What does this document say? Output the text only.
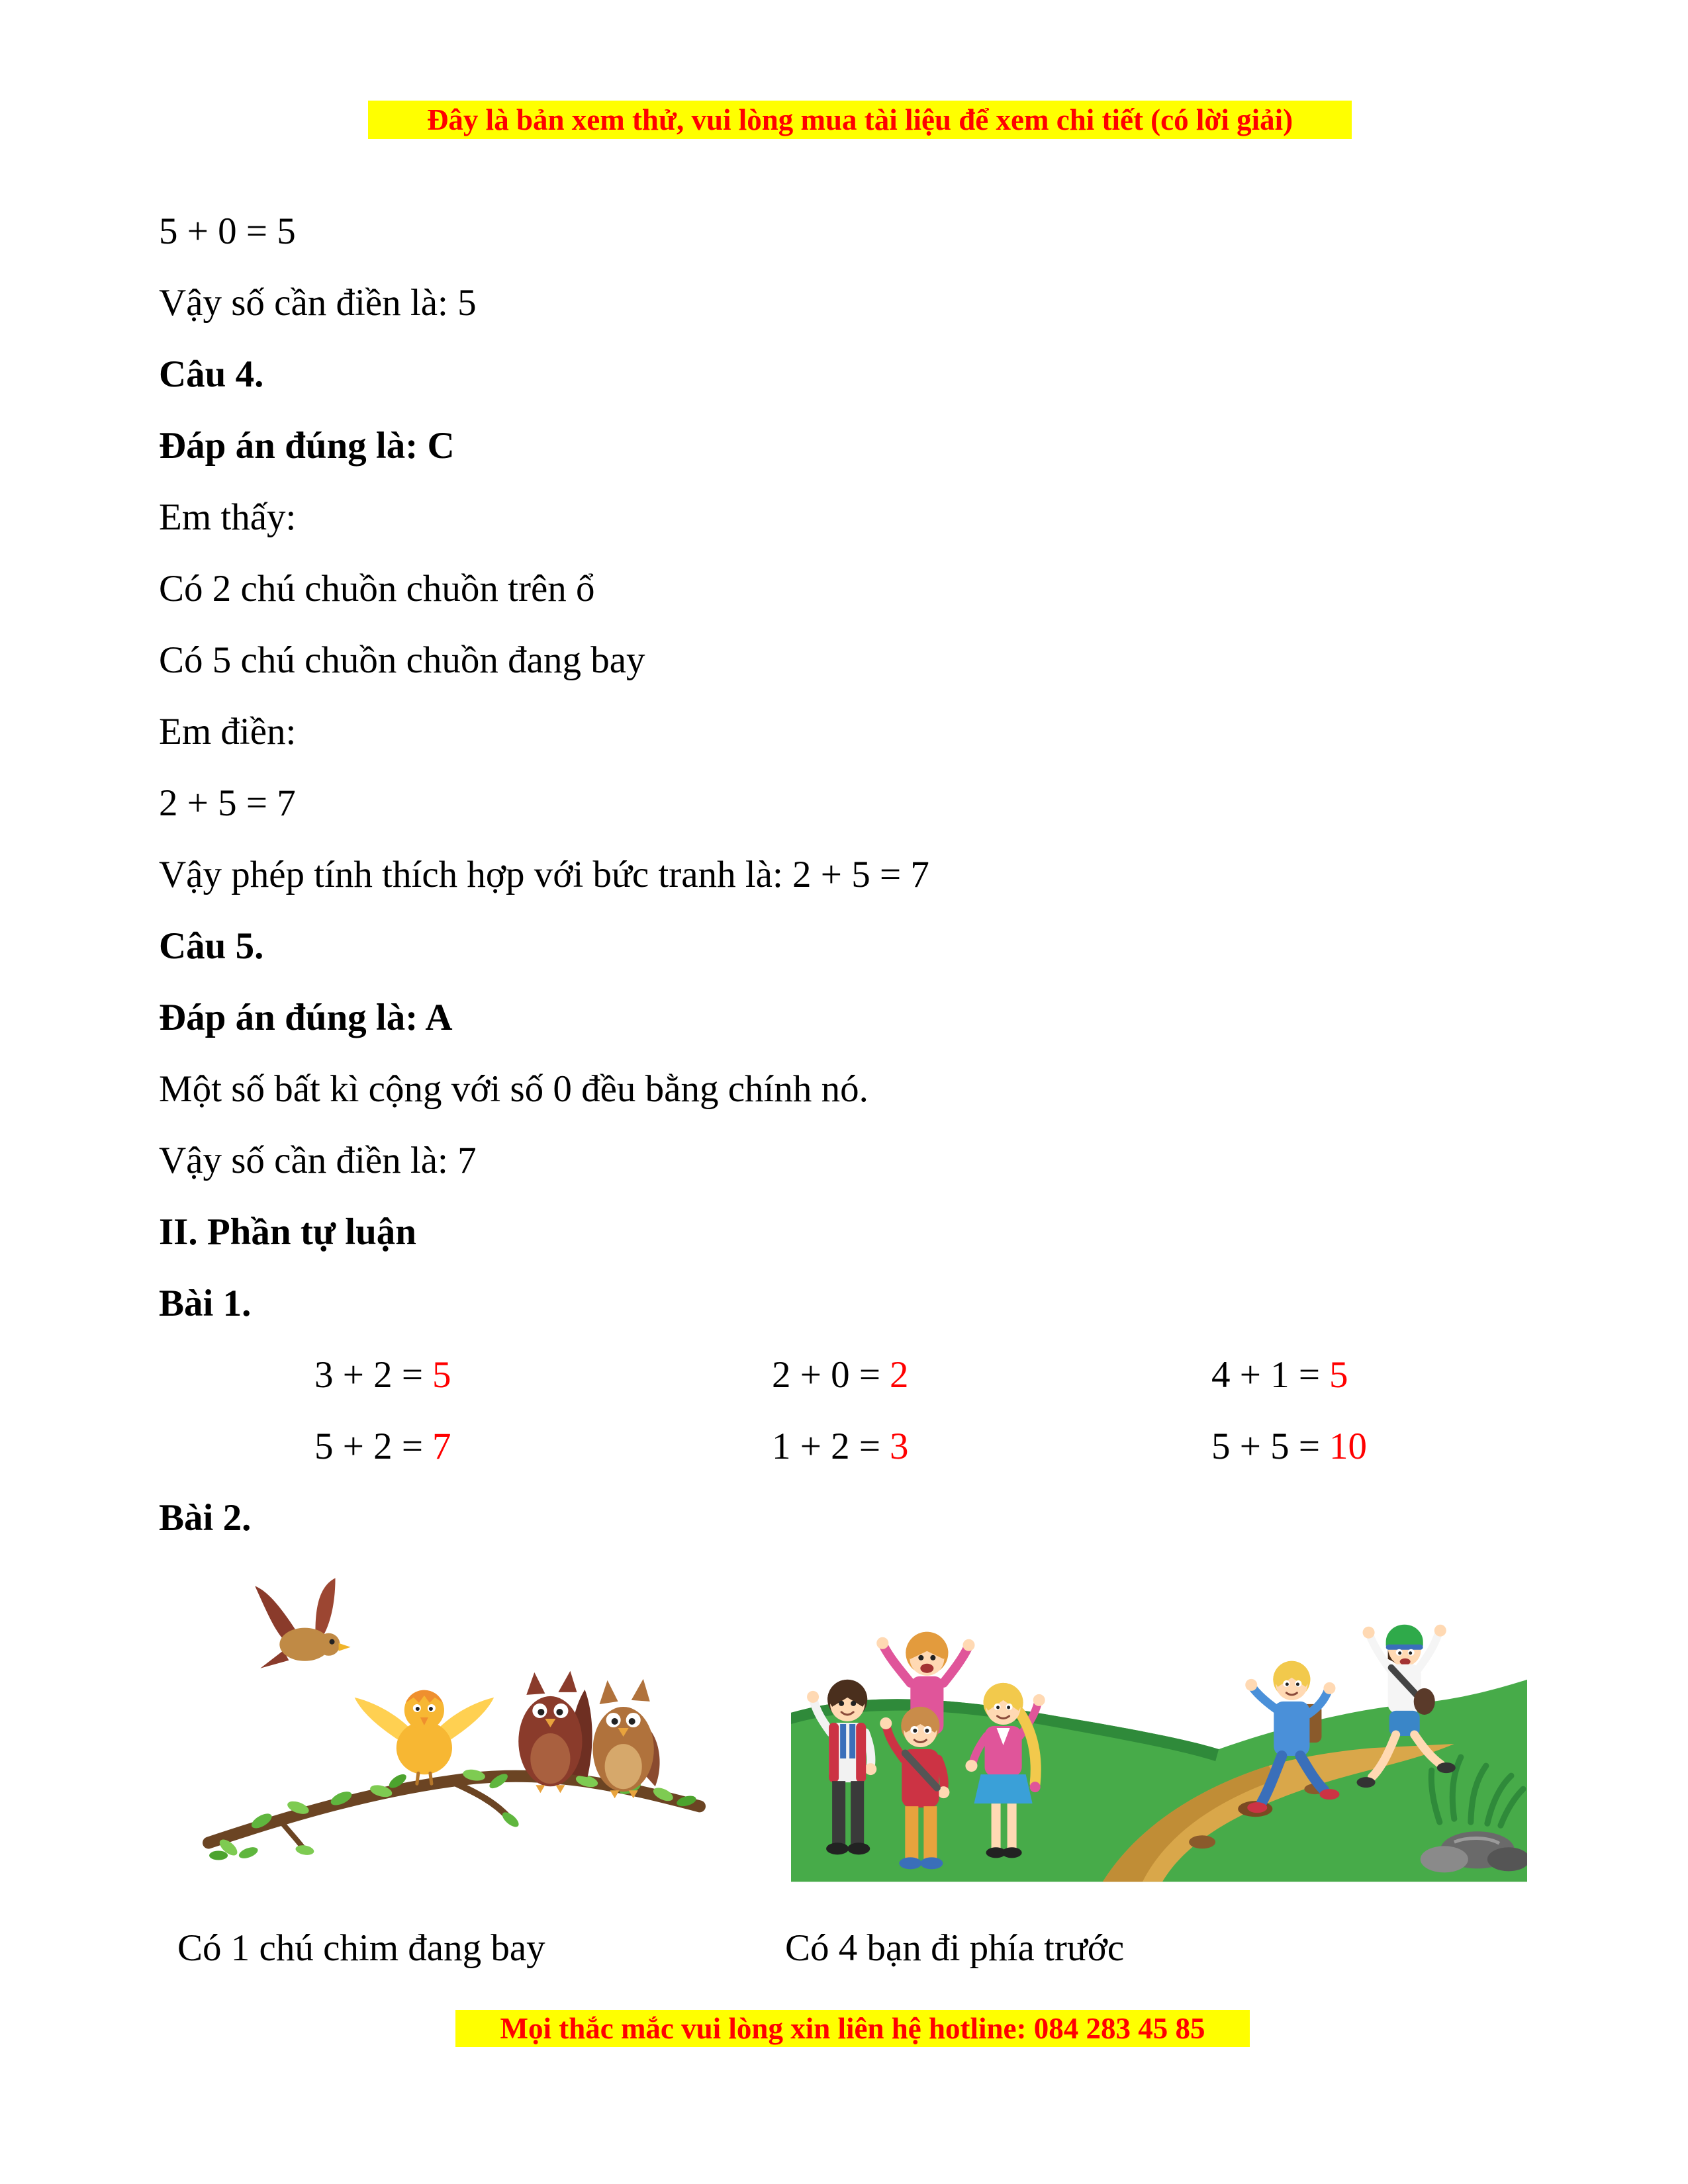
Đây là bản xem thử, vui lòng mua tài liệu để xem chi tiết (có lời giải)

5 + 0 = 5

Vậy số cần điền là: 5

Câu 4.

Đáp án đúng là: C

Em thấy:

Có 2 chú chuồn chuồn trên ổ

Có 5 chú chuồn chuồn đang bay

Em điền:

2 + 5 = 7

Vậy phép tính thích hợp với bức tranh là: 2 + 5 = 7

Câu 5.

Đáp án đúng là: A

Một số bất kì cộng với số 0 đều bằng chính nó.

Vậy số cần điền là: 7

II. Phần tự luận

Bài 1.

3 + 2 = 5	2 + 0 = 2	4 + 1 = 5
5 + 2 = 7	1 + 2 = 3	5 + 5 = 10

Bài 2.

Có 1 chú chim đang bay	Có 4 bạn đi phía trước
Mọi thắc mắc vui lòng xin liên hệ hotline: 084 283 45 85
